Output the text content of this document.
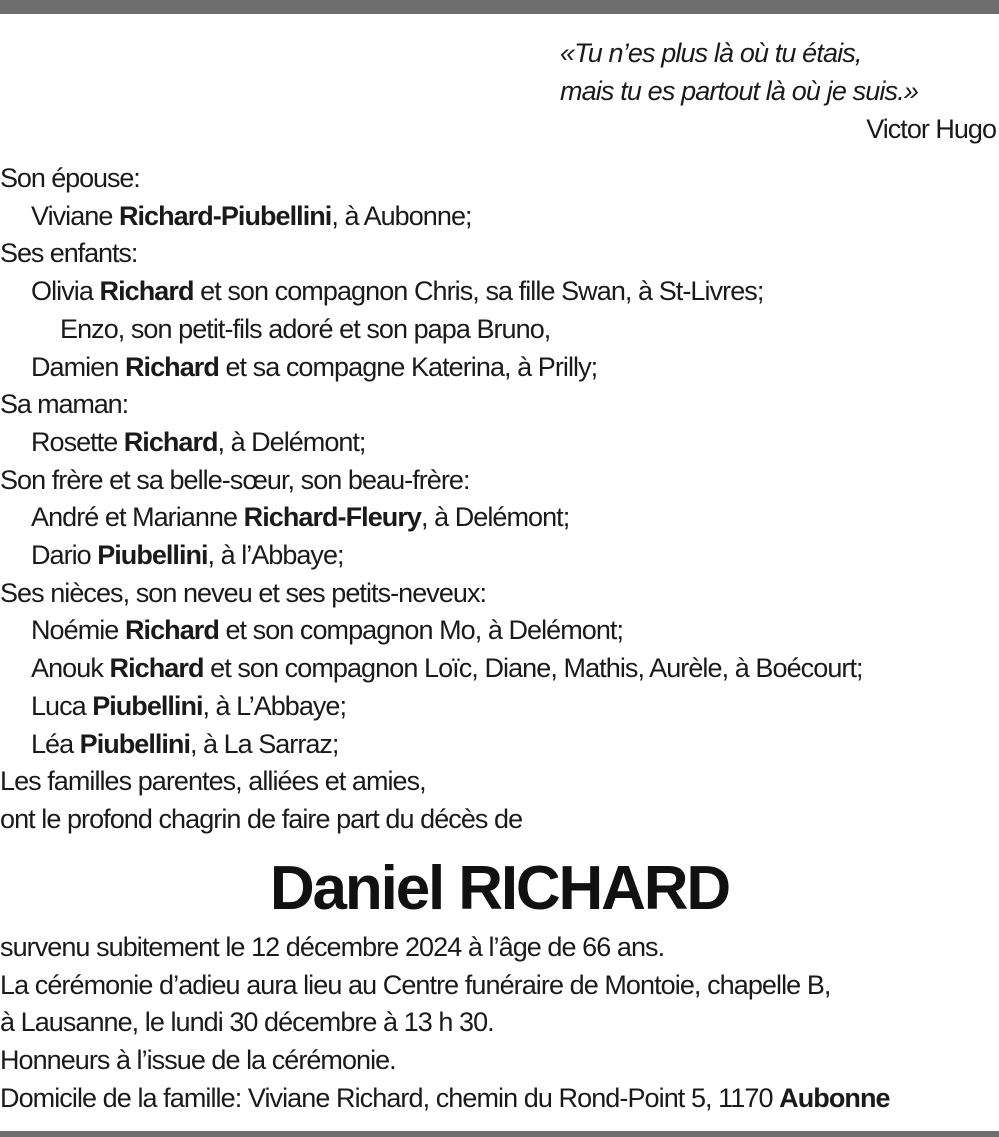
«Tu n’es plus là où tu étais,
mais tu es partout là où je suis.»
Victor Hugo
Son épouse:
Viviane Richard-Piubellini, à Aubonne;
Ses enfants:
Olivia Richard et son compagnon Chris, sa fille Swan, à St-Livres;
Enzo, son petit-fils adoré et son papa Bruno,
Damien Richard et sa compagne Katerina, à Prilly;
Sa maman:
Rosette Richard, à Delémont;
Son frère et sa belle-sœur, son beau-frère:
André et Marianne Richard-Fleury, à Delémont;
Dario Piubellini, à l’Abbaye;
Ses nièces, son neveu et ses petits-neveux:
Noémie Richard et son compagnon Mo, à Delémont;
Anouk Richard et son compagnon Loïc, Diane, Mathis, Aurèle, à Boécourt;
Luca Piubellini, à L’Abbaye;
Léa Piubellini, à La Sarraz;
Les familles parentes, alliées et amies,
ont le profond chagrin de faire part du décès de
Daniel RICHARD
survenu subitement le 12 décembre 2024 à l’âge de 66 ans.
La cérémonie d’adieu aura lieu au Centre funéraire de Montoie, chapelle B,
à Lausanne, le lundi 30 décembre à 13 h 30.
Honneurs à l’issue de la cérémonie.
Domicile de la famille: Viviane Richard, chemin du Rond-Point 5, 1170 Aubonne
